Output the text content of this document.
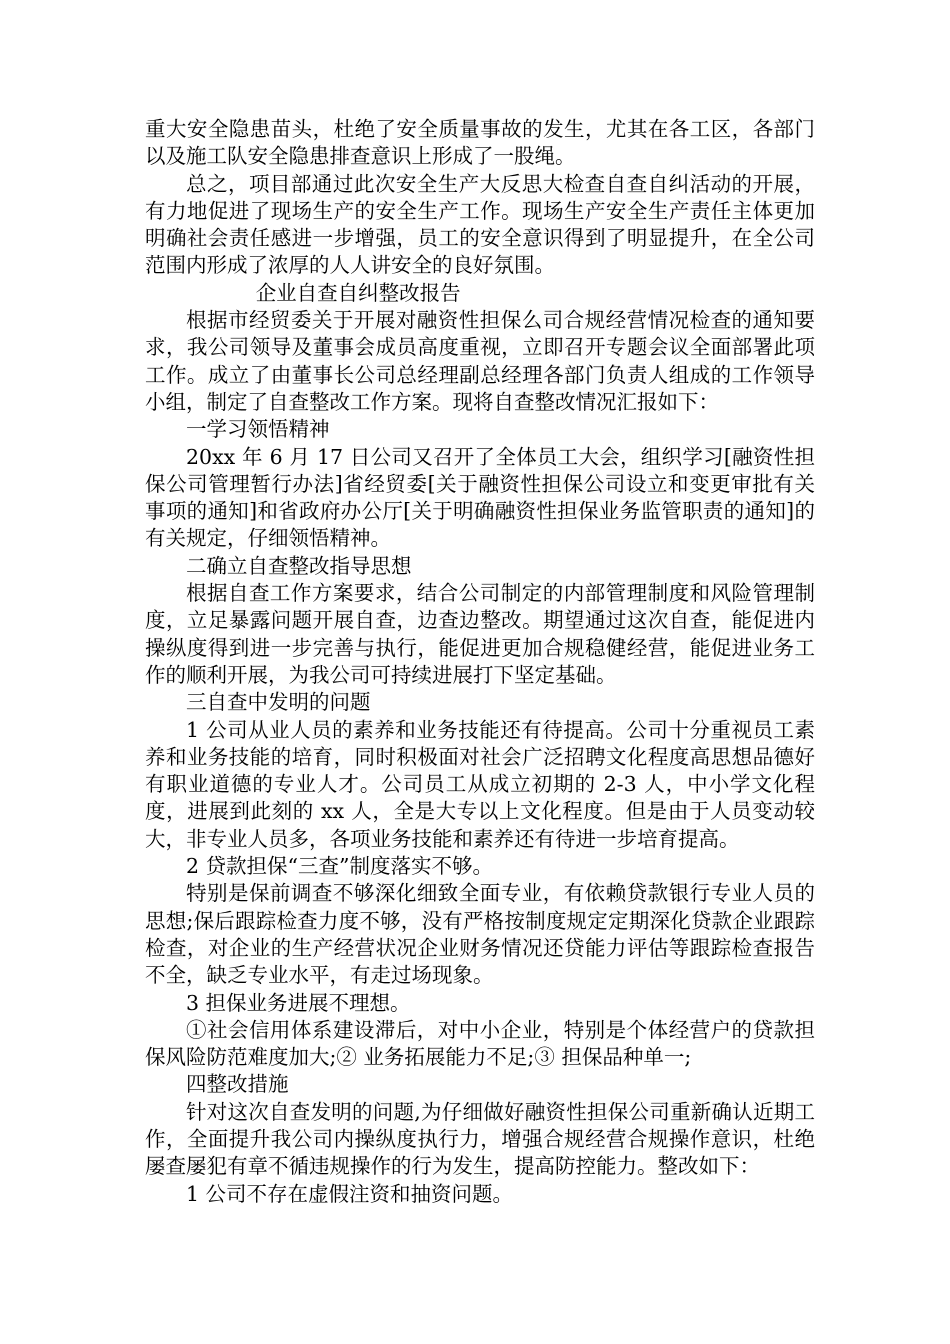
重大安全隐患苗头，杜绝了安全质量事故的发生，尤其在各工区，各部门以及施工队安全隐患排查意识上形成了一股绳。

总之，项目部通过此次安全生产大反思大检查自查自纠活动的开展，有力地促进了现场生产的安全生产工作。现场生产安全生产责任主体更加明确社会责任感进一步增强，员工的安全意识得到了明显提升，在全公司范围内形成了浓厚的人人讲安全的良好氛围。

企业自查自纠整改报告

根据市经贸委关于开展对融资性担保么司合规经营情况检查的通知要求，我公司领导及董事会成员高度重视，立即召开专题会议全面部署此项工作。成立了由董事长公司总经理副总经理各部门负责人组成的工作领导小组，制定了自查整改工作方案。现将自查整改情况汇报如下：

一学习领悟精神

20xx 年 6 月 17 日公司又召开了全体员工大会，组织学习[融资性担保公司管理暂行办法]省经贸委[关于融资性担保公司设立和变更审批有关事项的通知]和省政府办公厅[关于明确融资性担保业务监管职责的通知]的有关规定，仔细领悟精神。

二确立自查整改指导思想

根据自查工作方案要求，结合公司制定的内部管理制度和风险管理制度，立足暴露问题开展自查，边查边整改。期望通过这次自查，能促进内操纵度得到进一步完善与执行，能促进更加合规稳健经营，能促进业务工作的顺利开展，为我公司可持续进展打下坚定基础。

三自查中发明的问题

1 公司从业人员的素养和业务技能还有待提高。公司十分重视员工素养和业务技能的培育，同时积极面对社会广泛招聘文化程度高思想品德好有职业道德的专业人才。公司员工从成立初期的 2-3 人，中小学文化程度，进展到此刻的 xx 人，全是大专以上文化程度。但是由于人员变动较大，非专业人员多，各项业务技能和素养还有待进一步培育提高。

2 贷款担保“三查”制度落实不够。

特别是保前调查不够深化细致全面专业，有依赖贷款银行专业人员的思想;保后跟踪检查力度不够，没有严格按制度规定定期深化贷款企业跟踪检查，对企业的生产经营状况企业财务情况还贷能力评估等跟踪检查报告不全，缺乏专业水平，有走过场现象。

3 担保业务进展不理想。

①社会信用体系建设滞后，对中小企业，特别是个体经营户的贷款担保风险防范难度加大;② 业务拓展能力不足;③ 担保品种单一;

四整改措施

针对这次自查发明的问题,为仔细做好融资性担保公司重新确认近期工作，全面提升我公司内操纵度执行力，增强合规经营合规操作意识，杜绝屡查屡犯有章不循违规操作的行为发生，提高防控能力。整改如下：

1 公司不存在虚假注资和抽资问题。
